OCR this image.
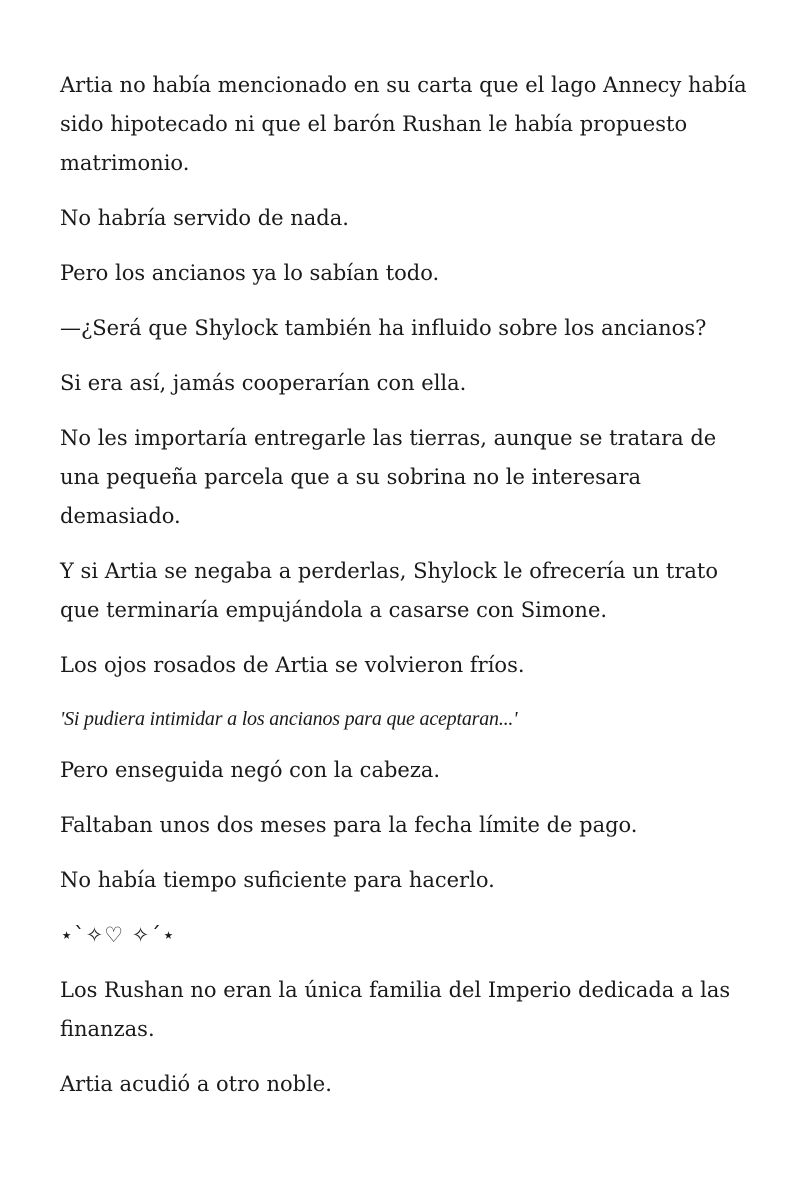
Artia no había mencionado en su carta que el lago Annecy había sido hipotecado ni que el barón Rushan le había propuesto matrimonio.

No habría servido de nada.

Pero los ancianos ya lo sabían todo.

—¿Será que Shylock también ha influido sobre los ancianos?

Si era así, jamás cooperarían con ella.

No les importaría entregarle las tierras, aunque se tratara de una pequeña parcela que a su sobrina no le interesara demasiado.

Y si Artia se negaba a perderlas, Shylock le ofrecería un trato que terminaría empujándola a casarse con Simone.

Los ojos rosados de Artia se volvieron fríos.

'Si pudiera intimidar a los ancianos para que aceptaran...'

Pero enseguida negó con la cabeza.

Faltaban unos dos meses para la fecha límite de pago.

No había tiempo suficiente para hacerlo.

⋆`✧♡ ✧´⋆

Los Rushan no eran la única familia del Imperio dedicada a las finanzas.

Artia acudió a otro noble.
